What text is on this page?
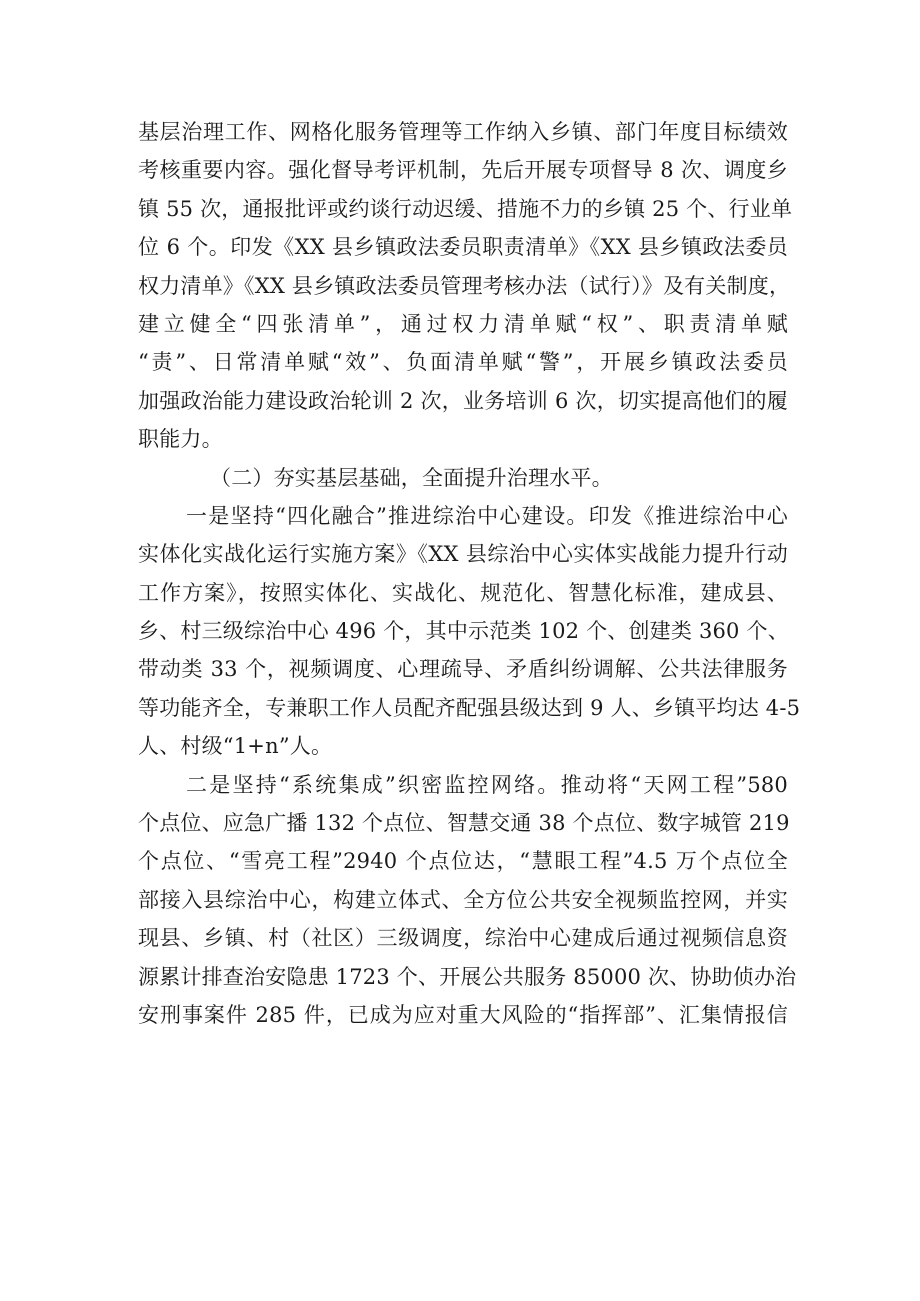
基层治理工作、网格化服务管理等工作纳入乡镇、部门年度目标绩效
考核重要内容。强化督导考评机制，先后开展专项督导 8 次、调度乡
镇 55 次，通报批评或约谈行动迟缓、措施不力的乡镇 25 个、行业单
位 6 个。印发《XX 县乡镇政法委员职责清单》《XX 县乡镇政法委员
权力清单》《XX 县乡镇政法委员管理考核办法（试行）》及有关制度，
建立健全“四张清单”，通过权力清单赋“权”、职责清单赋
“责”、日常清单赋“效”、负面清单赋“警”，开展乡镇政法委员
加强政治能力建设政治轮训 2 次，业务培训 6 次，切实提高他们的履
职能力。
（二）夯实基层基础，全面提升治理水平。
一是坚持“四化融合”推进综治中心建设。印发《推进综治中心
实体化实战化运行实施方案》《XX 县综治中心实体实战能力提升行动
工作方案》，按照实体化、实战化、规范化、智慧化标准，建成县、
乡、村三级综治中心 496 个，其中示范类 102 个、创建类 360 个、
带动类 33 个，视频调度、心理疏导、矛盾纠纷调解、公共法律服务
等功能齐全，专兼职工作人员配齐配强县级达到 9 人、乡镇平均达 4-5
人、村级“1+n”人。
二是坚持“系统集成”织密监控网络。推动将“天网工程”580
个点位、应急广播 132 个点位、智慧交通 38 个点位、数字城管 219
个点位、“雪亮工程”2940 个点位达，“慧眼工程”4.5 万个点位全
部接入县综治中心，构建立体式、全方位公共安全视频监控网，并实
现县、乡镇、村（社区）三级调度，综治中心建成后通过视频信息资
源累计排查治安隐患 1723 个、开展公共服务 85000 次、协助侦办治
安刑事案件 285 件，已成为应对重大风险的“指挥部”、汇集情报信
